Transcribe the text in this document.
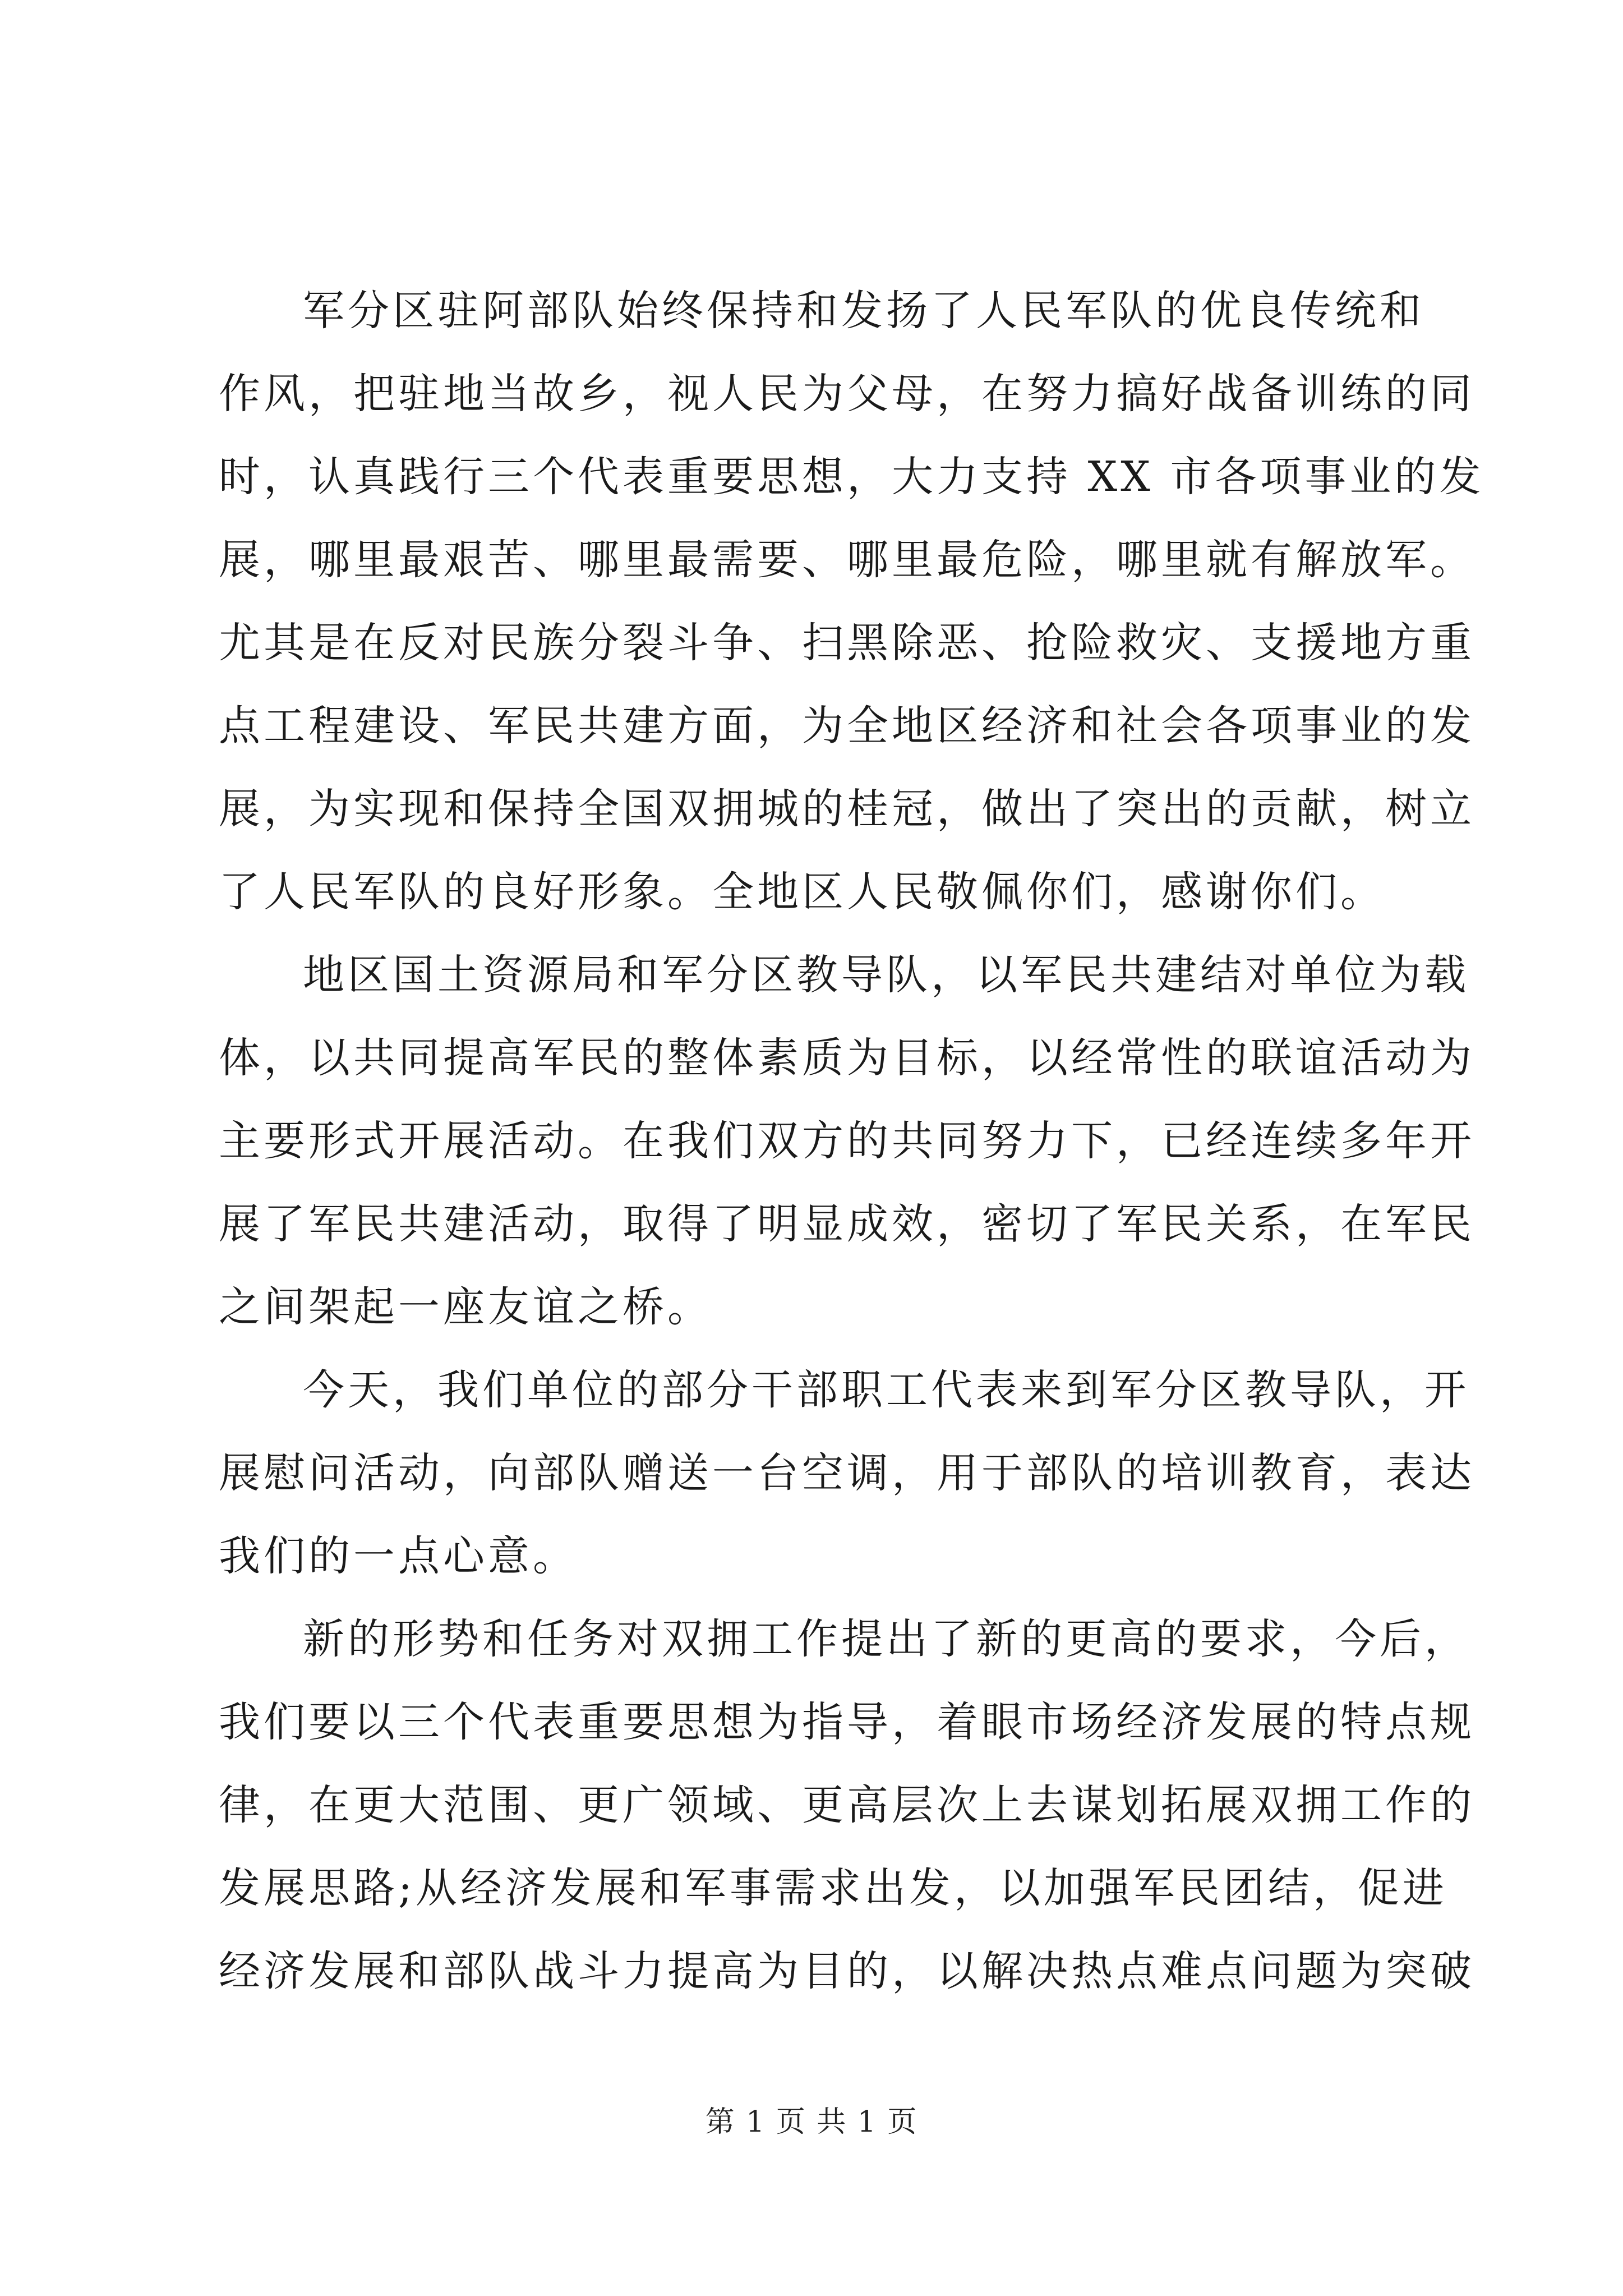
军分区驻阿部队始终保持和发扬了人民军队的优良传统和
作风，把驻地当故乡，视人民为父母，在努力搞好战备训练的同
时，认真践行三个代表重要思想，大力支持 XX 市各项事业的发
展，哪里最艰苦、哪里最需要、哪里最危险，哪里就有解放军。
尤其是在反对民族分裂斗争、扫黑除恶、抢险救灾、支援地方重
点工程建设、军民共建方面，为全地区经济和社会各项事业的发
展，为实现和保持全国双拥城的桂冠，做出了突出的贡献，树立
了人民军队的良好形象。全地区人民敬佩你们，感谢你们。
地区国土资源局和军分区教导队，以军民共建结对单位为载
体，以共同提高军民的整体素质为目标，以经常性的联谊活动为
主要形式开展活动。在我们双方的共同努力下，已经连续多年开
展了军民共建活动，取得了明显成效，密切了军民关系，在军民
之间架起一座友谊之桥。
今天，我们单位的部分干部职工代表来到军分区教导队，开
展慰问活动，向部队赠送一台空调，用于部队的培训教育，表达
我们的一点心意。
新的形势和任务对双拥工作提出了新的更高的要求，今后，
我们要以三个代表重要思想为指导，着眼市场经济发展的特点规
律，在更大范围、更广领域、更高层次上去谋划拓展双拥工作的
发展思路;从经济发展和军事需求出发，以加强军民团结，促进
经济发展和部队战斗力提高为目的，以解决热点难点问题为突破
第 1 页 共 1 页
